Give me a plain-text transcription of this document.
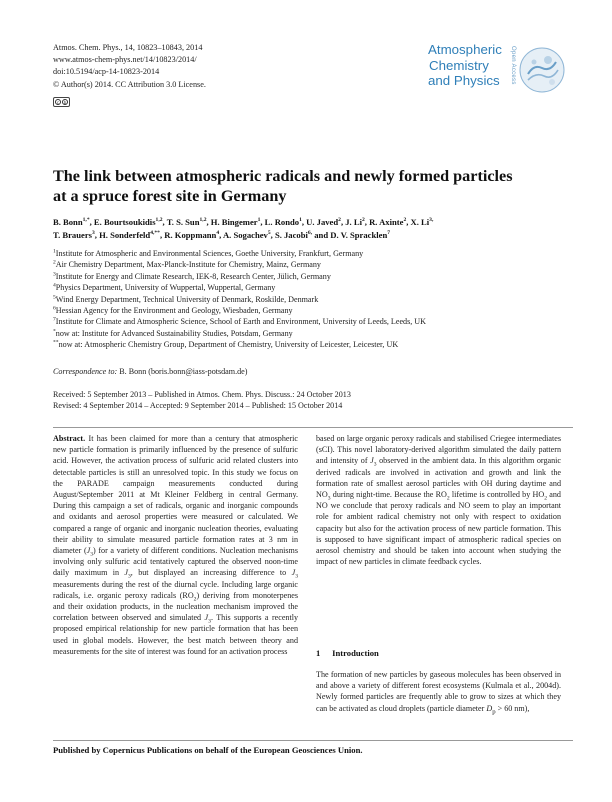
Atmos. Chem. Phys., 14, 10823–10843, 2014
www.atmos-chem-phys.net/14/10823/2014/
doi:10.5194/acp-14-10823-2014
© Author(s) 2014. CC Attribution 3.0 License.
c	b
Atmospheric
Chemistry
and Physics	Open Access
The link between atmospheric radicals and newly formed particles
at a spruce forest site in Germany
B. Bonn$^{1,*}$, E. Bourtsoukidis$^{1,2}$, T. S. Sun$^{1,2}$, H. Bingemer$^1$, L. Rondo$^1$, U. Javed$^2$, J. Li$^2$, R. Axinte$^2$, X. $Li^{3,}$
T. Brauers$^3$, H. Sonderfeld$^{4,**}$, R. Koppmann$^4$, A. Sogachev$^5$, S. Jacobi$^{6,}$ and D. V. Spracklen$^7$
$^1$Institute for Atmospheric and Environmental Sciences, Goethe University, Frankfurt, Germany
$^2$Air Chemistry Department, Max-Planck-Institute for Chemistry, Mainz, Germany
$^3$Institute for Energy and Climate Research, IEK-8, Research Center, Jülich, Germany
$^4$Physics Department, University of Wuppertal, Wuppertal, Germany
$^5$Wind Energy Department, Technical University of Denmark, Roskilde, Denmark
$^6$Hessian Agency for the Environment and Geology, Wiesbaden, Germany
$^7$Institute for Climate and Atmospheric Science, School of Earth and Environment, University of Leeds, Leeds, UK
*now at: Institute for Advanced Sustainability Studies, Potsdam, Germany
**now at: Atmospheric Chemistry Group, Department of Chemistry, University of Leicester, Leicester, UK
Correspondence to: B. Bonn (boris.bonn@iass-potsdam.de)
Received: 5 September 2013 – Published in Atmos. Chem. Phys. Discuss.: 24 October 2013
Revised: 4 September 2014 – Accepted: 9 September 2014 – Published: 15 October 2014

Abstract. It has been claimed for more than a century that atmospheric new particle formation is primarily influenced by the presence of sulfuric acid. However, the activation process of sulfuric acid related clusters into detectable particles is still an unresolved topic. In this study we focus on the PARADE campaign measurements conducted during August/September 2011 at Mt Kleiner Feldberg in central Germany. During this campaign a set of radicals, organic and inorganic compounds and oxidants and aerosol properties were measured or calculated. We compared a range of organic and inorganic nucleation theories, evaluating their ability to simulate measured particle formation rates at 3 nm in diameter $(J_3)$ for a variety of different conditions. Nucleation mechanisms involving only sulfuric acid tentatively captured the observed noon-time daily maximum in $J_3$, but displayed an increasing difference to $J_3$ measurements during the rest of the diurnal cycle. Including large organic radicals, i.e. organic peroxy radicals $(RO_2)$ deriving from monoterpenes and their oxidation products, in the nucleation mechanism improved the correlation between observed and simulated $J_3$. This supports a recently proposed empirical relationship for new particle formation that has been used in global models. However, the best match between theory and measurements for the site of interest was found for an activation process

based on large organic peroxy radicals and stabilised Criegee intermediates (sCI). This novel laboratory-derived algorithm simulated the daily pattern and intensity of $J_3$ observed in the ambient data. In this algorithm organic derived radicals are involved in activation and growth and link the formation rate of smallest aerosol particles with OH during daytime and $NO_3$ during night-time. Because the $RO_2$ lifetime is controlled by $HO_2$ and NO we conclude that peroxy radicals and NO seem to play an important role for ambient radical chemistry not only with respect to oxidation capacity but also for the activation process of new particle formation. This is supposed to have significant impact of atmospheric radical species on aerosol chemistry and should be taken into account when studying the impact of new particles in climate feedback cycles.

1 Introduction

The formation of new particles by gaseous molecules has been observed in and above a variety of different forest ecosystems (Kulmala et al., 2004d). Newly formed particles are frequently able to grow to sizes at which they can be activated as cloud droplets (particle diameter $D_p > 60$ nm),

Published by Copernicus Publications on behalf of the European Geosciences Union.
